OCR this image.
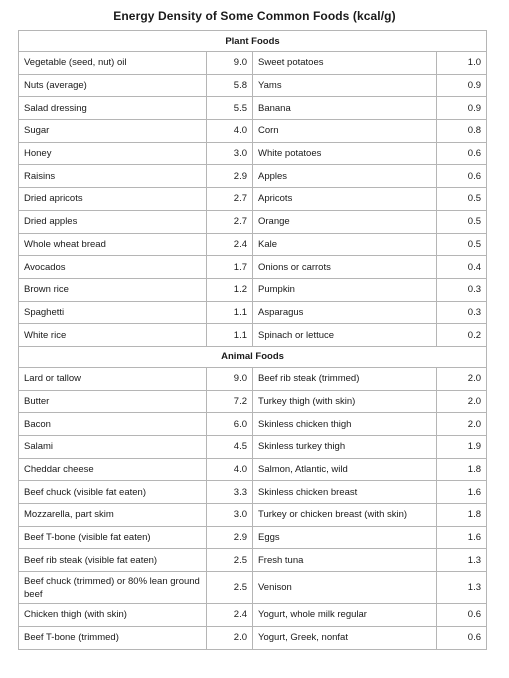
Energy Density of Some Common Foods (kcal/g)
Plant Foods			
Vegetable (seed, nut) oil	9.0	Sweet potatoes	1.0
Nuts (average)	5.8	Yams	0.9
Salad dressing	5.5	Banana	0.9
Sugar	4.0	Corn	0.8
Honey	3.0	White potatoes	0.6
Raisins	2.9	Apples	0.6
Dried apricots	2.7	Apricots	0.5
Dried apples	2.7	Orange	0.5
Whole wheat bread	2.4	Kale	0.5
Avocados	1.7	Onions or carrots	0.4
Brown rice	1.2	Pumpkin	0.3
Spaghetti	1.1	Asparagus	0.3
White rice	1.1	Spinach or lettuce	0.2
Animal Foods			
Lard or tallow	9.0	Beef rib steak (trimmed)	2.0
Butter	7.2	Turkey thigh (with skin)	2.0
Bacon	6.0	Skinless chicken thigh	2.0
Salami	4.5	Skinless turkey thigh	1.9
Cheddar cheese	4.0	Salmon, Atlantic, wild	1.8
Beef chuck (visible fat eaten)	3.3	Skinless chicken breast	1.6
Mozzarella, part skim	3.0	Turkey or chicken breast (with skin)	1.8
Beef T-bone (visible fat eaten)	2.9	Eggs	1.6
Beef rib steak (visible fat eaten)	2.5	Fresh tuna	1.3
Beef chuck (trimmed) or 80% lean ground beef	2.5	Venison	1.3
Chicken thigh (with skin)	2.4	Yogurt, whole milk regular	0.6
Beef T-bone (trimmed)	2.0	Yogurt, Greek, nonfat	0.6
